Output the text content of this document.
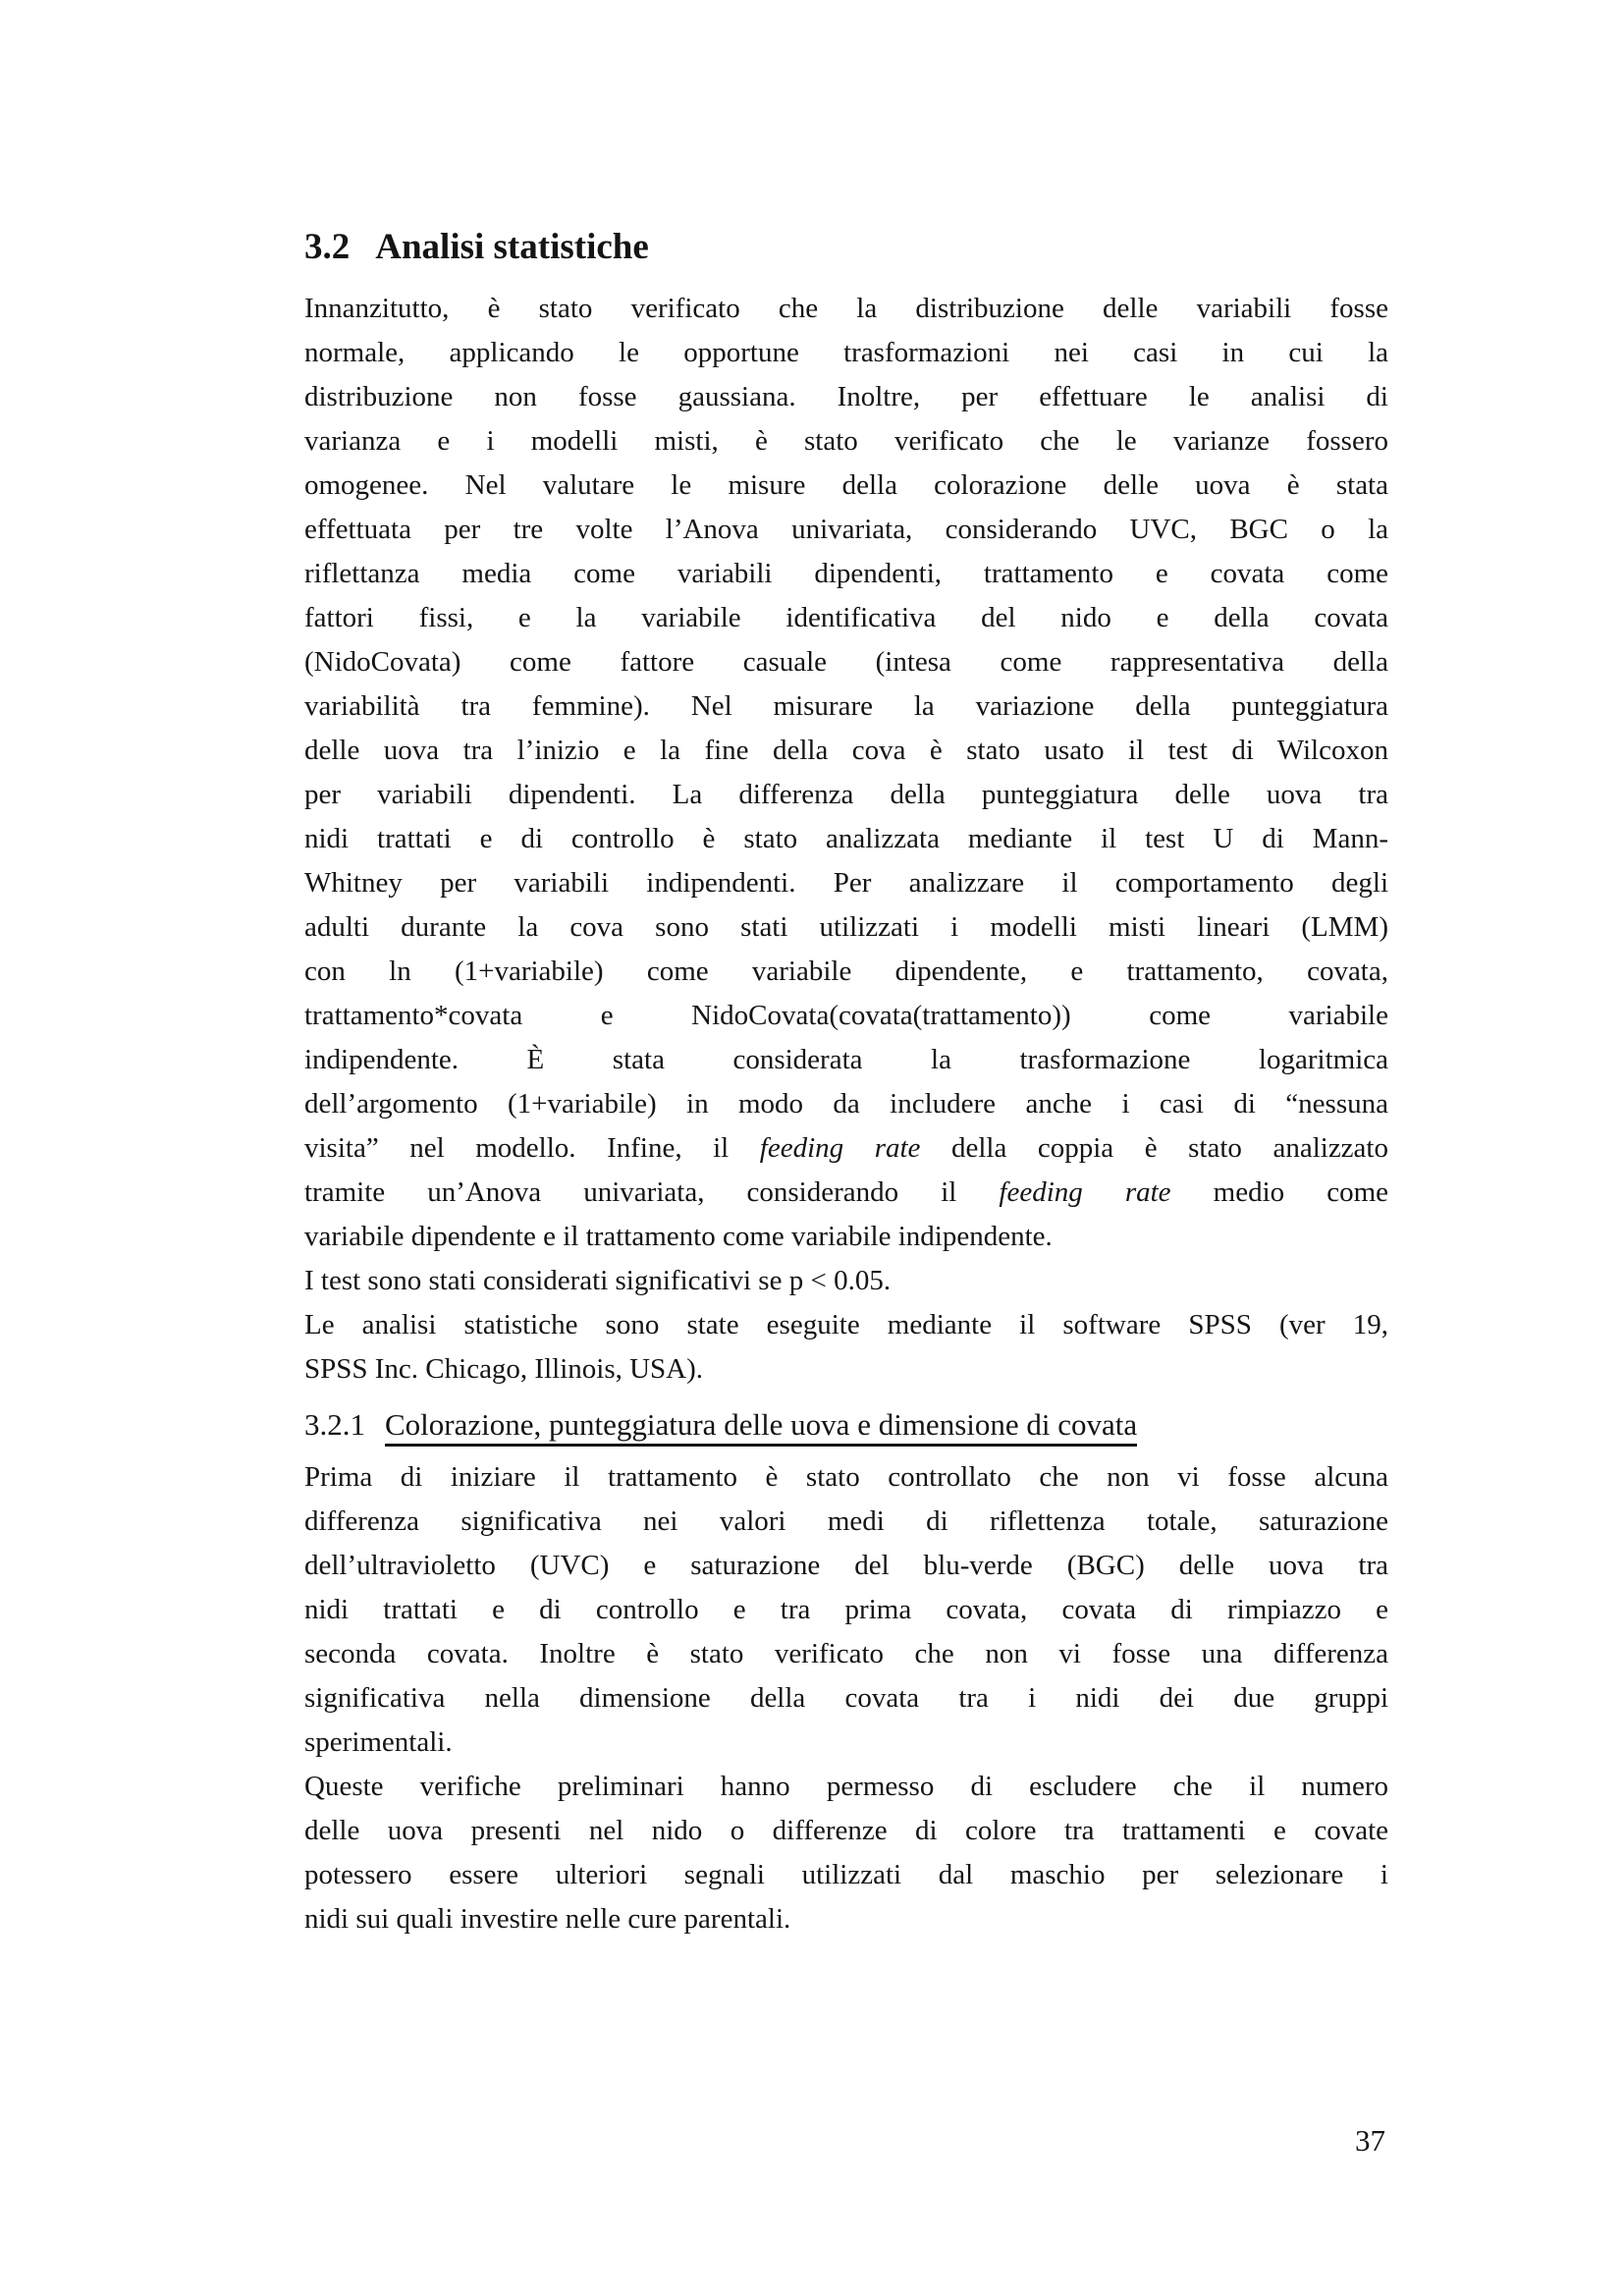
3.2 Analisi statistiche
Innanzitutto, è stato verificato che la distribuzione delle variabili fosse
normale, applicando le opportune trasformazioni nei casi in cui la
distribuzione non fosse gaussiana. Inoltre, per effettuare le analisi di
varianza e i modelli misti, è stato verificato che le varianze fossero
omogenee. Nel valutare le misure della colorazione delle uova è stata
effettuata per tre volte l’Anova univariata, considerando UVC, BGC o la
riflettanza media come variabili dipendenti, trattamento e covata come
fattori fissi, e la variabile identificativa del nido e della covata
(NidoCovata) come fattore casuale (intesa come rappresentativa della
variabilità tra femmine). Nel misurare la variazione della punteggiatura
delle uova tra l’inizio e la fine della cova è stato usato il test di Wilcoxon
per variabili dipendenti. La differenza della punteggiatura delle uova tra
nidi trattati e di controllo è stato analizzata mediante il test U di Mann-
Whitney per variabili indipendenti. Per analizzare il comportamento degli
adulti durante la cova sono stati utilizzati i modelli misti lineari (LMM)
con ln (1+variabile) come variabile dipendente, e trattamento, covata,
trattamento*covata e NidoCovata(covata(trattamento)) come variabile
indipendente. È stata considerata la trasformazione logaritmica
dell’argomento (1+variabile) in modo da includere anche i casi di “nessuna
visita” nel modello. Infine, il feeding rate della coppia è stato analizzato
tramite un’Anova univariata, considerando il feeding rate medio come
variabile dipendente e il trattamento come variabile indipendente.
I test sono stati considerati significativi se p < 0.05.
Le analisi statistiche sono state eseguite mediante il software SPSS (ver 19,
SPSS Inc. Chicago, Illinois, USA).
3.2.1 Colorazione, punteggiatura delle uova e dimensione di covata
Prima di iniziare il trattamento è stato controllato che non vi fosse alcuna
differenza significativa nei valori medi di riflettenza totale, saturazione
dell’ultravioletto (UVC) e saturazione del blu-verde (BGC) delle uova tra
nidi trattati e di controllo e tra prima covata, covata di rimpiazzo e
seconda covata. Inoltre è stato verificato che non vi fosse una differenza
significativa nella dimensione della covata tra i nidi dei due gruppi
sperimentali.
Queste verifiche preliminari hanno permesso di escludere che il numero
delle uova presenti nel nido o differenze di colore tra trattamenti e covate
potessero essere ulteriori segnali utilizzati dal maschio per selezionare i
nidi sui quali investire nelle cure parentali.
37
